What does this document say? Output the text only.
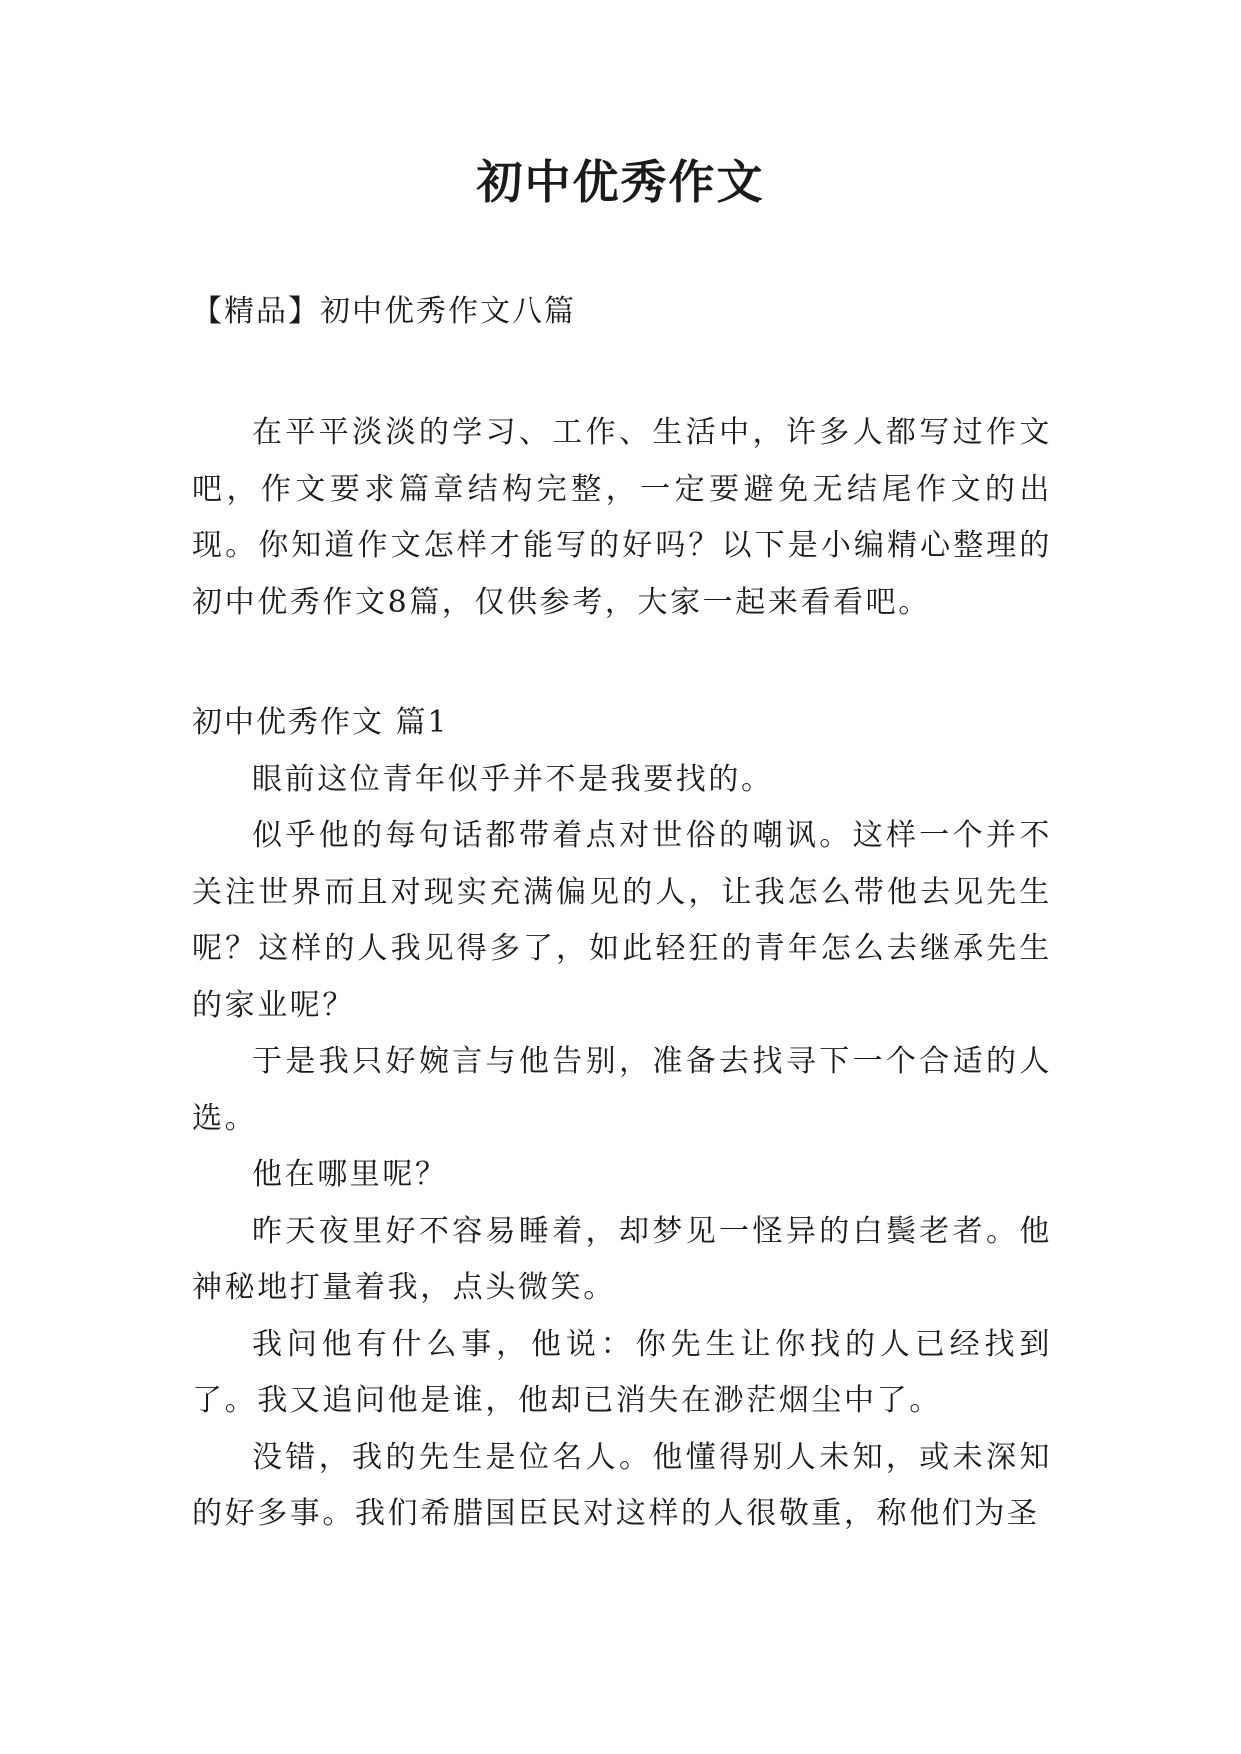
初中优秀作文
【精品】初中优秀作文八篇

在平平淡淡的学习、工作、生活中，许多人都写过作文吧，作文要求篇章结构完整，一定要避免无结尾作文的出现。你知道作文怎样才能写的好吗？以下是小编精心整理的初中优秀作文8篇，仅供参考，大家一起来看看吧。

初中优秀作文 篇1

眼前这位青年似乎并不是我要找的。

似乎他的每句话都带着点对世俗的嘲讽。这样一个并不关注世界而且对现实充满偏见的人，让我怎么带他去见先生呢？这样的人我见得多了，如此轻狂的青年怎么去继承先生的家业呢？

于是我只好婉言与他告别，准备去找寻下一个合适的人选。

他在哪里呢？

昨天夜里好不容易睡着，却梦见一怪异的白鬓老者。他神秘地打量着我，点头微笑。

我问他有什么事，他说：你先生让你找的人已经找到了。我又追问他是谁，他却已消失在渺茫烟尘中了。

没错，我的先生是位名人。他懂得别人未知，或未深知的好多事。我们希腊国臣民对这样的人很敬重，称他们为圣
